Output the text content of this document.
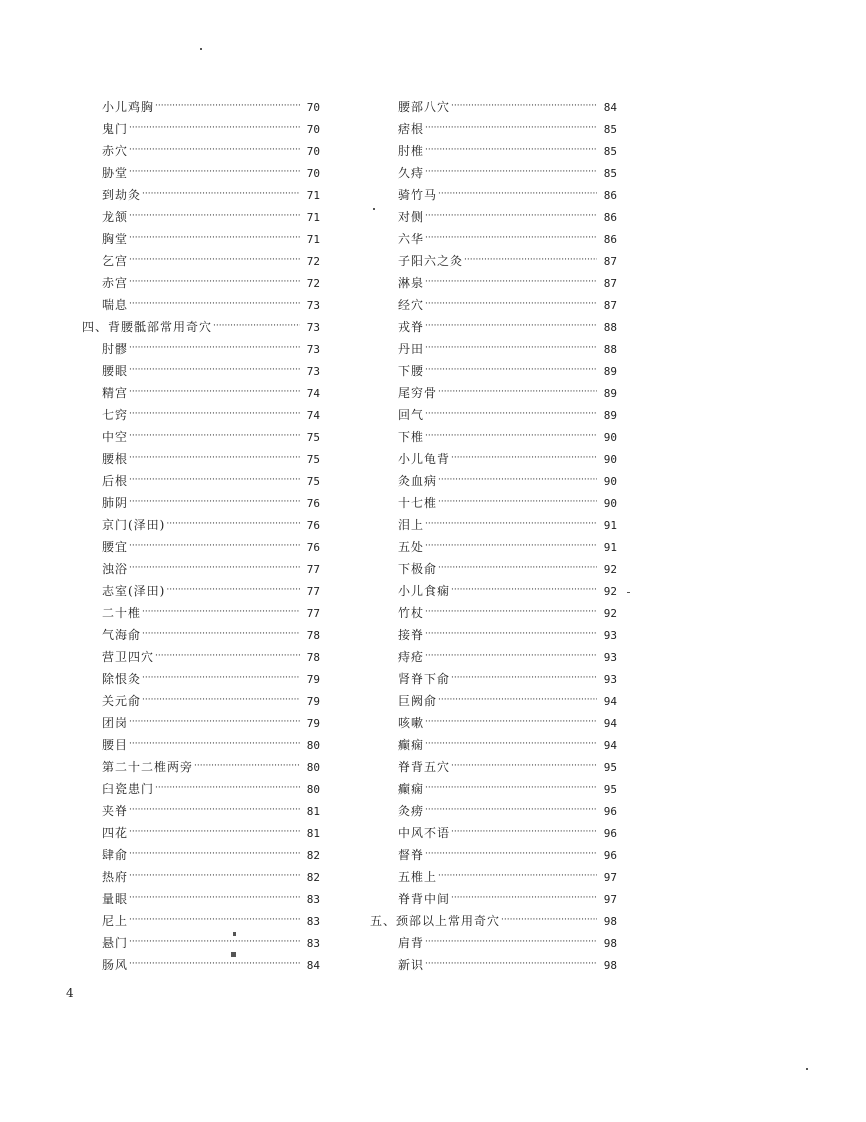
小儿鸡胸 ·····	70
鬼门 ·····	70
赤穴 ·····	70
胁堂 ·····	70
到劫灸 ·····	71
龙颔 ·····	71
胸堂 ·····	71
乞宫 ·····	72
赤宫 ·····	72
喘息 ·····	73
四、背腰骶部常用奇穴 ·····	73
肘髎 ·····	73
腰眼 ·····	73
精宫 ·····	74
七窍 ·····	74
中空 ·····	75
腰根 ·····	75
后根 ·····	75
肺阴 ·····	76
京门(泽田) ·····	76
腰宜 ·····	76
浊浴 ·····	77
志室(泽田) ·····	77
二十椎 ·····	77
气海俞 ·····	78
营卫四穴 ·····	78
除恨灸 ·····	79
关元俞 ·····	79
团岗 ·····	79
腰目 ·····	80
第二十二椎两旁 ·····	80
臼瓷患门 ·····	80
夹脊 ·····	81
四花 ·····	81
肆俞 ·····	82
热府 ·····	82
量眼 ·····	83
尼上 ·····	83
悬门 ·····	83
肠风 ·····	84
腰部八穴 ·····	84
痞根 ·····	85
肘椎 ·····	85
久痔 ·····	85
骑竹马 ·····	86
对侧 ·····	86
六华 ·····	86
子阳六之灸 ·····	87
淋泉 ·····	87
经穴 ·····	87
戎脊 ·····	88
丹田 ·····	88
下腰 ·····	89
尾穷骨 ·····	89
回气 ·····	89
下椎 ·····	90
小儿龟背 ·····	90
灸血病 ·····	90
十七椎 ·····	90
泪上 ·····	91
五处 ·····	91
下极俞 ·····	92
小儿食痫 ·····	92
竹杖 ·····	92
接脊 ·····	93
痔疮 ·····	93
肾脊下俞 ·····	93
巨阙俞 ·····	94
咳嗽 ·····	94
癫痫 ·····	94
脊背五穴 ·····	95
癫痫 ·····	95
灸痨 ·····	96
中风不语 ·····	96
督脊 ·····	96
五椎上 ·····	97
脊背中间 ·····	97
五、颈部以上常用奇穴 ·····	98
肩背 ·····	98
新识 ·····	98
4
